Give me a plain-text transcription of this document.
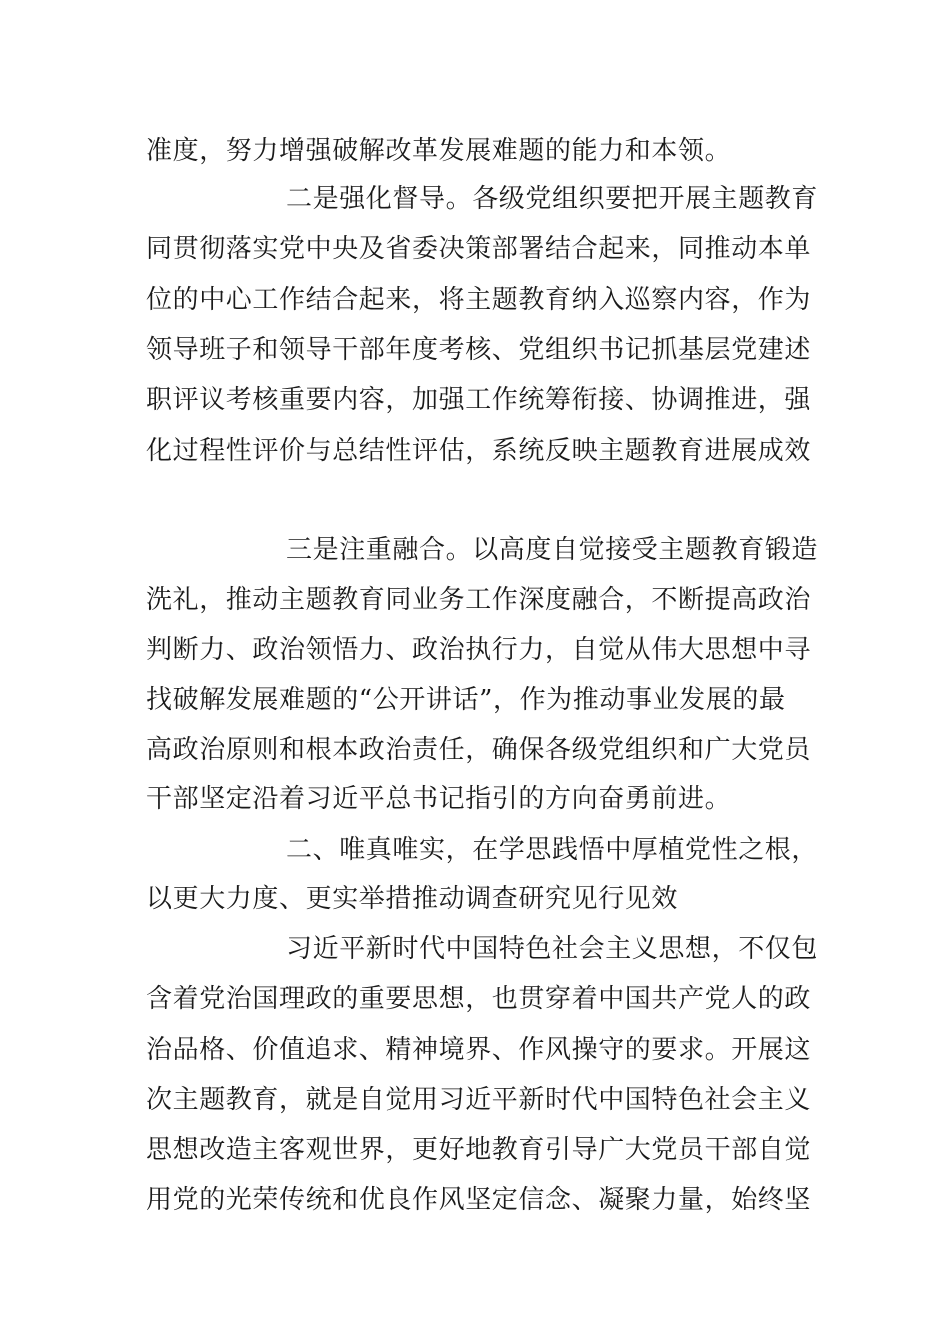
准度，努力增强破解改革发展难题的能力和本领。
二是强化督导。各级党组织要把开展主题教育
同贯彻落实党中央及省委决策部署结合起来，同推动本单
位的中心工作结合起来，将主题教育纳入巡察内容，作为
领导班子和领导干部年度考核、党组织书记抓基层党建述
职评议考核重要内容，加强工作统筹衔接、协调推进，强
化过程性评价与总结性评估，系统反映主题教育进展成效
三是注重融合。以高度自觉接受主题教育锻造
洗礼，推动主题教育同业务工作深度融合，不断提高政治
判断力、政治领悟力、政治执行力，自觉从伟大思想中寻
找破解发展难题的“公开讲话”，作为推动事业发展的最
高政治原则和根本政治责任，确保各级党组织和广大党员
干部坚定沿着习近平总书记指引的方向奋勇前进。
二、唯真唯实，在学思践悟中厚植党性之根，
以更大力度、更实举措推动调查研究见行见效
习近平新时代中国特色社会主义思想，不仅包
含着党治国理政的重要思想，也贯穿着中国共产党人的政
治品格、价值追求、精神境界、作风操守的要求。开展这
次主题教育，就是自觉用习近平新时代中国特色社会主义
思想改造主客观世界，更好地教育引导广大党员干部自觉
用党的光荣传统和优良作风坚定信念、凝聚力量，始终坚
